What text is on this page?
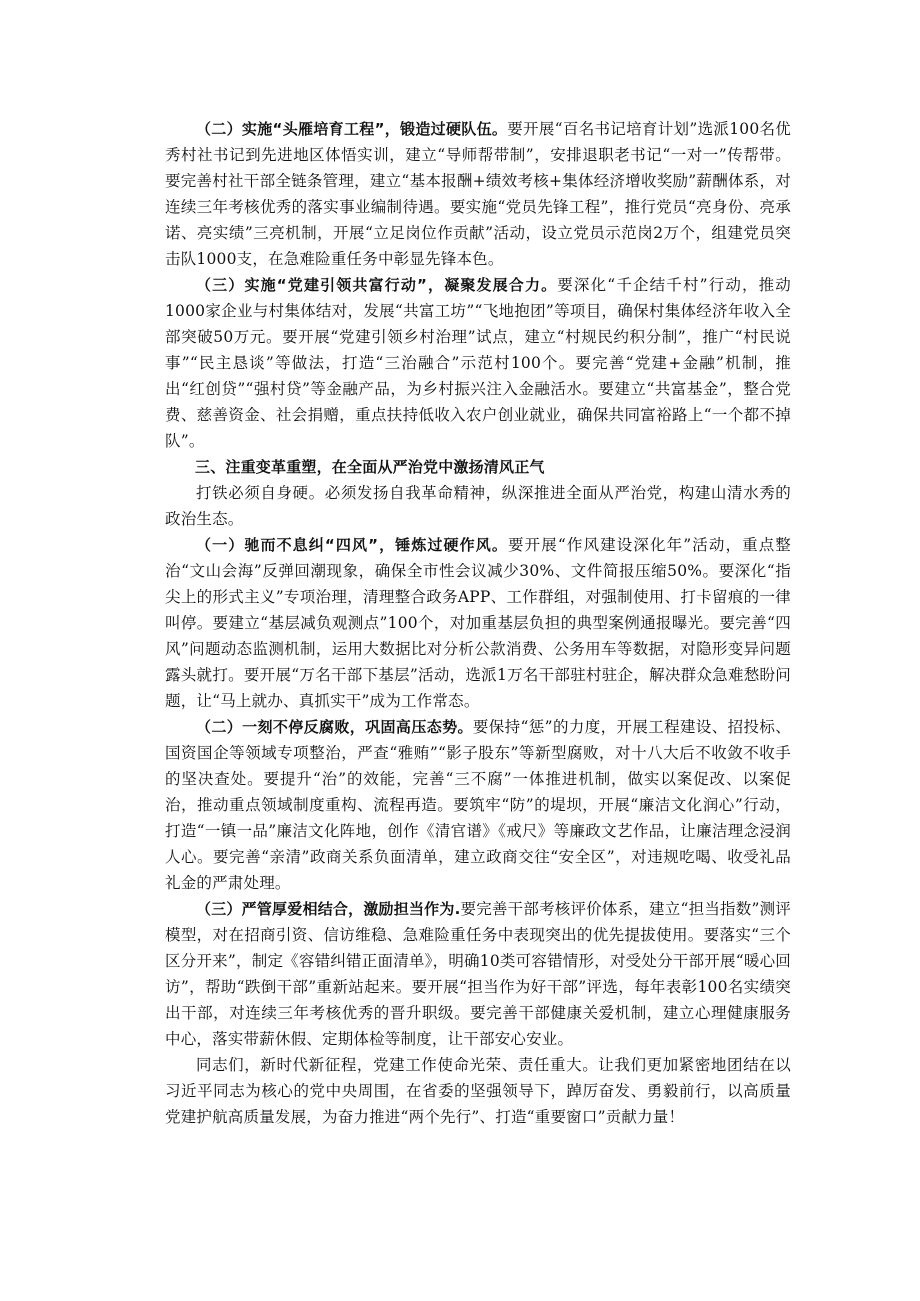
（二）实施“头雁培育工程”，锻造过硬队伍。要开展“百名书记培育计划”选派100名优秀村社书记到先进地区体悟实训，建立“导师帮带制”，安排退职老书记“一对一”传帮带。要完善村社干部全链条管理，建立“基本报酬+绩效考核+集体经济增收奖励”薪酬体系，对连续三年考核优秀的落实事业编制待遇。要实施“党员先锋工程”，推行党员“亮身份、亮承诺、亮实绩”三亮机制，开展“立足岗位作贡献”活动，设立党员示范岗2万个，组建党员突击队1000支，在急难险重任务中彰显先锋本色。

（三）实施“党建引领共富行动”，凝聚发展合力。要深化“千企结千村”行动，推动1000家企业与村集体结对，发展“共富工坊”“飞地抱团”等项目，确保村集体经济年收入全部突破50万元。要开展“党建引领乡村治理”试点，建立“村规民约积分制”，推广“村民说事”“民主恳谈”等做法，打造“三治融合”示范村100个。要完善“党建+金融”机制，推出“红创贷”“强村贷”等金融产品，为乡村振兴注入金融活水。要建立“共富基金”，整合党费、慈善资金、社会捐赠，重点扶持低收入农户创业就业，确保共同富裕路上“一个都不掉队”。

三、注重变革重塑，在全面从严治党中激扬清风正气

打铁必须自身硬。必须发扬自我革命精神，纵深推进全面从严治党，构建山清水秀的政治生态。

（一）驰而不息纠“四风”，锤炼过硬作风。要开展“作风建设深化年”活动，重点整治“文山会海”反弹回潮现象，确保全市性会议减少30%、文件简报压缩50%。要深化“指尖上的形式主义”专项治理，清理整合政务APP、工作群组，对强制使用、打卡留痕的一律叫停。要建立“基层减负观测点”100个，对加重基层负担的典型案例通报曝光。要完善“四风”问题动态监测机制，运用大数据比对分析公款消费、公务用车等数据，对隐形变异问题露头就打。要开展“万名干部下基层”活动，选派1万名干部驻村驻企，解决群众急难愁盼问题，让“马上就办、真抓实干”成为工作常态。

（二）一刻不停反腐败，巩固高压态势。要保持“惩”的力度，开展工程建设、招投标、国资国企等领域专项整治，严查“雅贿”“影子股东”等新型腐败，对十八大后不收敛不收手的坚决查处。要提升“治”的效能，完善“三不腐”一体推进机制，做实以案促改、以案促治，推动重点领域制度重构、流程再造。要筑牢“防”的堤坝，开展“廉洁文化润心”行动，打造“一镇一品”廉洁文化阵地，创作《清官谱》《戒尺》等廉政文艺作品，让廉洁理念浸润人心。要完善“亲清”政商关系负面清单，建立政商交往“安全区”，对违规吃喝、收受礼品礼金的严肃处理。

（三）严管厚爱相结合，激励担当作为.要完善干部考核评价体系，建立“担当指数”测评模型，对在招商引资、信访维稳、急难险重任务中表现突出的优先提拔使用。要落实“三个区分开来”，制定《容错纠错正面清单》，明确10类可容错情形，对受处分干部开展“暖心回访”，帮助“跌倒干部”重新站起来。要开展“担当作为好干部”评选，每年表彰100名实绩突出干部，对连续三年考核优秀的晋升职级。要完善干部健康关爱机制，建立心理健康服务中心，落实带薪休假、定期体检等制度，让干部安心安业。

同志们，新时代新征程，党建工作使命光荣、责任重大。让我们更加紧密地团结在以习近平同志为核心的党中央周围，在省委的坚强领导下，踔厉奋发、勇毅前行，以高质量党建护航高质量发展，为奋力推进“两个先行”、打造“重要窗口”贡献力量！
